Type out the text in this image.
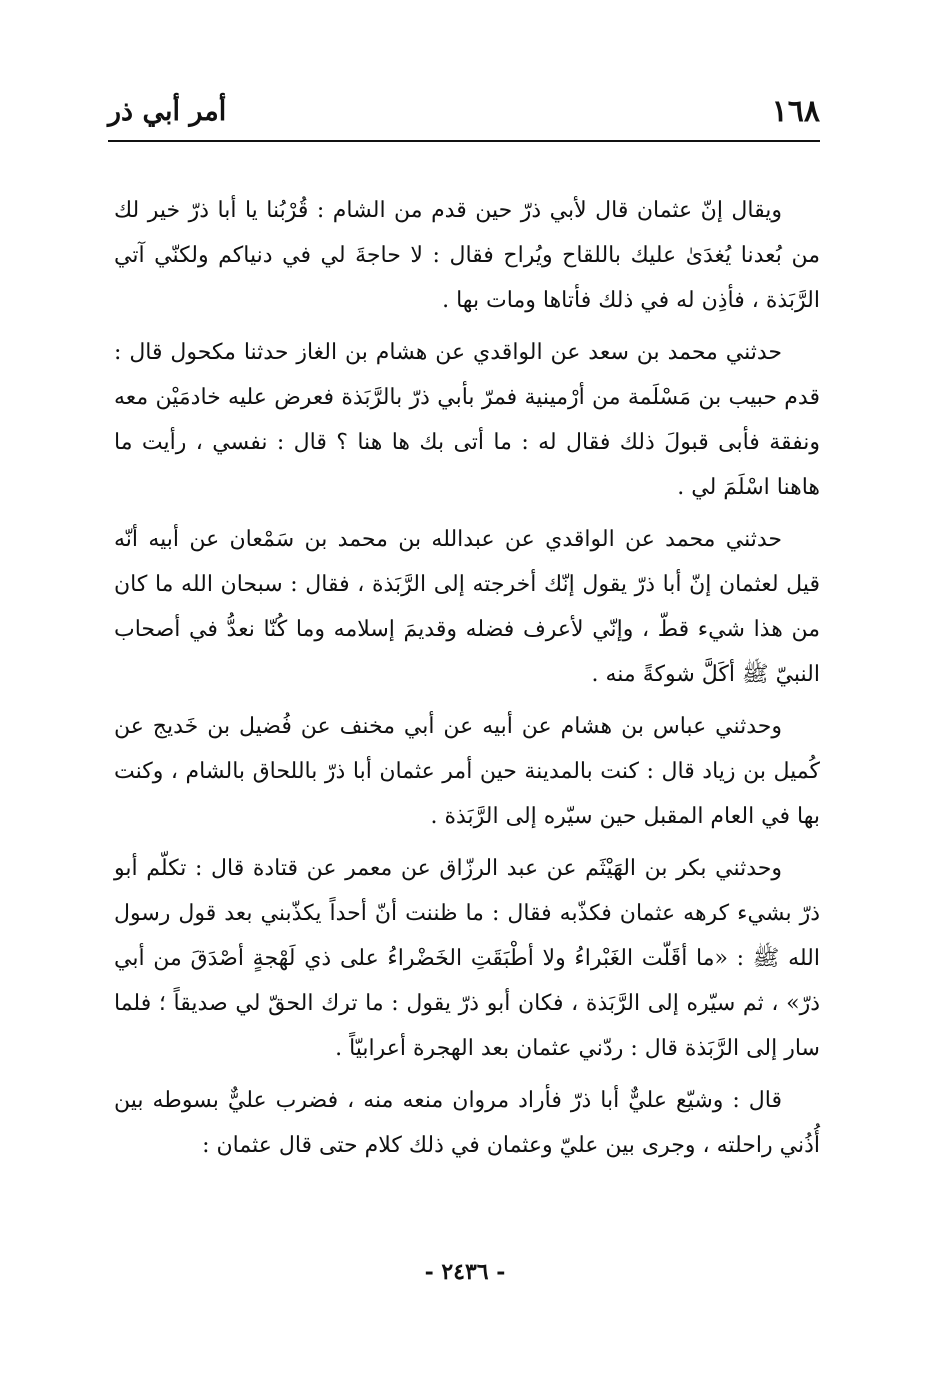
١٦٨
أمر أبي ذر

ويقال إنّ عثمان قال لأبي ذرّ حين قدم من الشام : قُرْبُنا يا أبا ذرّ خير لك من بُعدنا يُغدَىٰ عليك باللقاح ويُراح فقال : لا حاجةَ لي في دنياكم ولكنّي آتي الرَّبَذة ، فأذِن له في ذلك فأتاها ومات بها .

حدثني محمد بن سعد عن الواقدي عن هشام بن الغاز حدثنا مكحول قال : قدم حبيب بن مَسْلَمة من أرْمينية فمرّ بأبي ذرّ بالرَّبَذة فعرض عليه خادمَيْن معه ونفقة فأبى قبولَ ذلك فقال له : ما أتى بك ها هنا ؟ قال : نفسي ، رأيت ما هاهنا اسْلَمَ لي .

حدثني محمد عن الواقدي عن عبدالله بن محمد بن سَمْعان عن أبيه أنّه قيل لعثمان إنّ أبا ذرّ يقول إنّك أخرجته إلى الرَّبَذة ، فقال : سبحان الله ما كان من هذا شيء قطّ ، وإنّي لأعرف فضله وقديمَ إسلامه وما كُنّا نعدُّ في أصحاب النبيّ ﷺ أكَلَّ شوكةً منه .

وحدثني عباس بن هشام عن أبيه عن أبي مخنف عن فُضيل بن خَديج عن كُميل بن زياد قال : كنت بالمدينة حين أمر عثمان أبا ذرّ باللحاق بالشام ، وكنت بها في العام المقبل حين سيّره إلى الرَّبَذة .

وحدثني بكر بن الهَيْثَم عن عبد الرزّاق عن معمر عن قتادة قال : تكلّم أبو ذرّ بشيء كرهه عثمان فكذّبه فقال : ما ظننت أنّ أحداً يكذّبني بعد قول رسول الله ﷺ : «ما أقَلّت الغَبْراءُ ولا أطْبَقَتِ الخَضْراءُ على ذي لَهْجةٍ أصْدَقَ من أبي ذرّ» ، ثم سيّره إلى الرَّبَذة ، فكان أبو ذرّ يقول : ما ترك الحقّ لي صديقاً ؛ فلما سار إلى الرَّبَذة قال : ردّني عثمان بعد الهجرة أعرابيّاً .

قال : وشيّع عليٌّ أبا ذرّ فأراد مروان منعه منه ، فضرب عليٌّ بسوطه بين أُذُني راحلته ، وجرى بين عليّ وعثمان في ذلك كلام حتى قال عثمان :

- ٢٤٣٦ -
